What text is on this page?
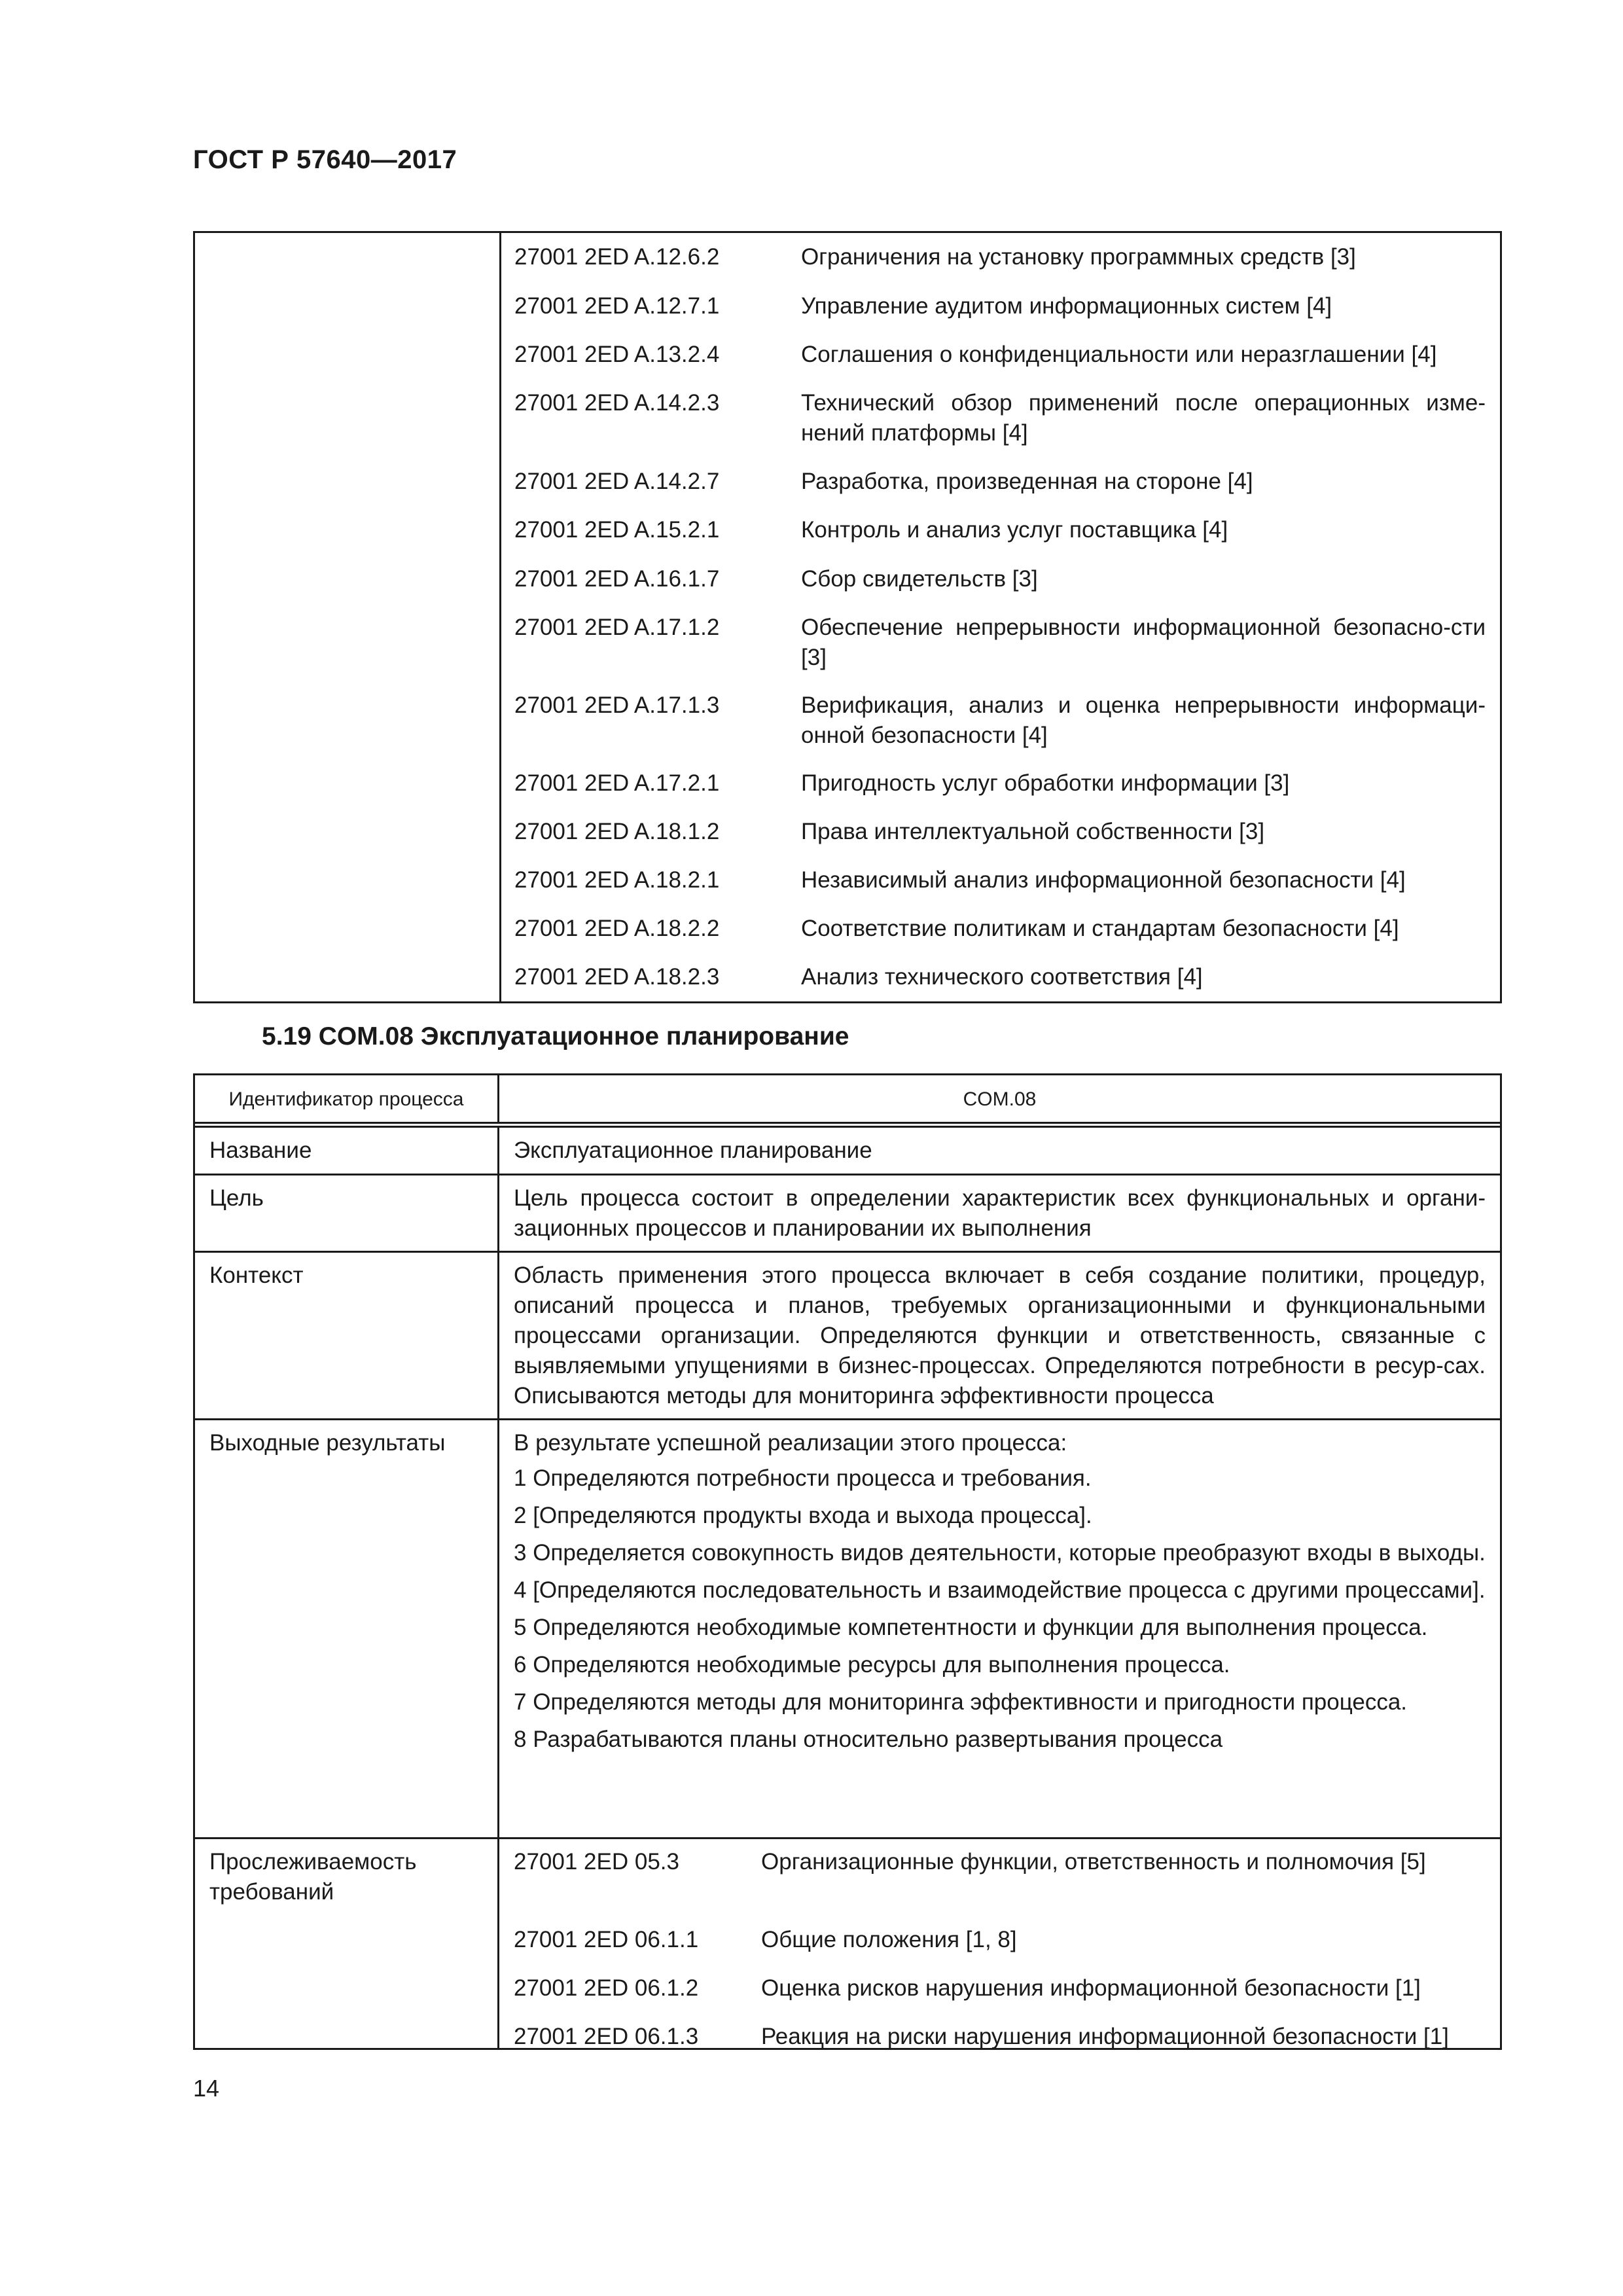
ГОСТ Р 57640—2017
27001 2ED A.12.6.2	Ограничения на установку программных средств [3]
27001 2ED A.12.7.1	Управление аудитом информационных систем [4]
27001 2ED A.13.2.4	Соглашения о конфиденциальности или неразглашении [4]
27001 2ED A.14.2.3	Технический обзор применений после операционных изме-нений платформы [4]
27001 2ED A.14.2.7	Разработка, произведенная на стороне [4]
27001 2ED A.15.2.1	Контроль и анализ услуг поставщика [4]
27001 2ED A.16.1.7	Сбор свидетельств [3]
27001 2ED A.17.1.2	Обеспечение непрерывности информационной безопасно-сти [3]
27001 2ED A.17.1.3	Верификация, анализ и оценка непрерывности информаци-онной безопасности [4]
27001 2ED A.17.2.1	Пригодность услуг обработки информации [3]
27001 2ED A.18.1.2	Права интеллектуальной собственности [3]
27001 2ED A.18.2.1	Независимый анализ информационной безопасности [4]
27001 2ED A.18.2.2	Соответствие политикам и стандартам безопасности [4]
27001 2ED A.18.2.3	Анализ технического соответствия [4]
5.19 COM.08 Эксплуатационное планирование
Идентификатор процесса	COM.08
Название	Эксплуатационное планирование
Цель	Цель процесса состоит в определении характеристик всех функциональных и органи-зационных процессов и планировании их выполнения
Контекст	Область применения этого процесса включает в себя создание политики, процедур, описаний процесса и планов, требуемых организационными и функциональными процессами организации. Определяются функции и ответственность, связанные с выявляемыми упущениями в бизнес-процессах. Определяются потребности в ресур-сах. Описываются методы для мониторинга эффективности процесса
Выходные результаты	В результате успешной реализации этого процесса:

1 Определяются потребности процесса и требования.

2 [Определяются продукты входа и выхода процесса].

3 Определяется совокупность видов деятельности, которые преобразуют входы в выходы.

4 [Определяются последовательность и взаимодействие процесса с другими процессами].

5 Определяются необходимые компетентности и функции для выполнения процесса.

6 Определяются необходимые ресурсы для выполнения процесса.

7 Определяются методы для мониторинга эффективности и пригодности процесса.

8 Разрабатываются планы относительно развертывания процесса

Прослеживаемость требований
27001 2ED 05.3	Организационные функции, ответственность и полномочия [5]
27001 2ED 06.1.1	Общие положения [1, 8]
27001 2ED 06.1.2	Оценка рисков нарушения информационной безопасности [1]
27001 2ED 06.1.3	Реакция на риски нарушения информационной безопасности [1]
14
